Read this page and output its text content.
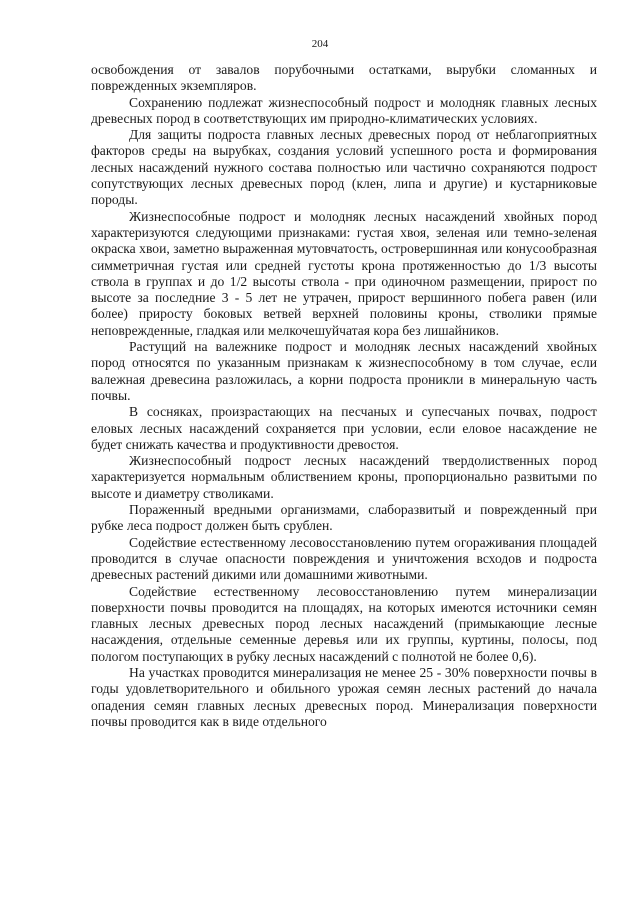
204

освобождения от завалов порубочными остатками, вырубки сломанных и поврежденных экземпляров.

Сохранению подлежат жизнеспособный подрост и молодняк главных лесных древесных пород в соответствующих им природно-климатических условиях.

Для защиты подроста главных лесных древесных пород от неблагоприятных факторов среды на вырубках, создания условий успешного роста и формирования лесных насаждений нужного состава полностью или частично сохраняются подрост сопутствующих лесных древесных пород (клен, липа и другие) и кустарниковые породы.

Жизнеспособные подрост и молодняк лесных насаждений хвойных пород характеризуются следующими признаками: густая хвоя, зеленая или темно-зеленая окраска хвои, заметно выраженная мутовчатость, островершинная или конусообразная симметричная густая или средней густоты крона протяженностью до 1/3 высоты ствола в группах и до 1/2 высоты ствола - при одиночном размещении, прирост по высоте за последние 3 - 5 лет не утрачен, прирост вершинного побега равен (или более) приросту боковых ветвей верхней половины кроны, стволики прямые неповрежденные, гладкая или мелкочешуйчатая кора без лишайников.

Растущий на валежнике подрост и молодняк лесных насаждений хвойных пород относятся по указанным признакам к жизнеспособному в том случае, если валежная древесина разложилась, а корни подроста проникли в минеральную часть почвы.

В сосняках, произрастающих на песчаных и супесчаных почвах, подрост еловых лесных насаждений сохраняется при условии, если еловое насаждение не будет снижать качества и продуктивности древостоя.

Жизнеспособный подрост лесных насаждений твердолиственных пород характеризуется нормальным облиствением кроны, пропорционально развитыми по высоте и диаметру стволиками.

Пораженный вредными организмами, слаборазвитый и поврежденный при рубке леса подрост должен быть срублен.

Содействие естественному лесовосстановлению путем огораживания площадей проводится в случае опасности повреждения и уничтожения всходов и подроста древесных растений дикими или домашними животными.

Содействие естественному лесовосстановлению путем минерализации поверхности почвы проводится на площадях, на которых имеются источники семян главных лесных древесных пород лесных насаждений (примыкающие лесные насаждения, отдельные семенные деревья или их группы, куртины, полосы, под пологом поступающих в рубку лесных насаждений с полнотой не более 0,6).

На участках проводится минерализация не менее 25 - 30% поверхности почвы в годы удовлетворительного и обильного урожая семян лесных растений до начала опадения семян главных лесных древесных пород. Минерализация поверхности почвы проводится как в виде отдельного
